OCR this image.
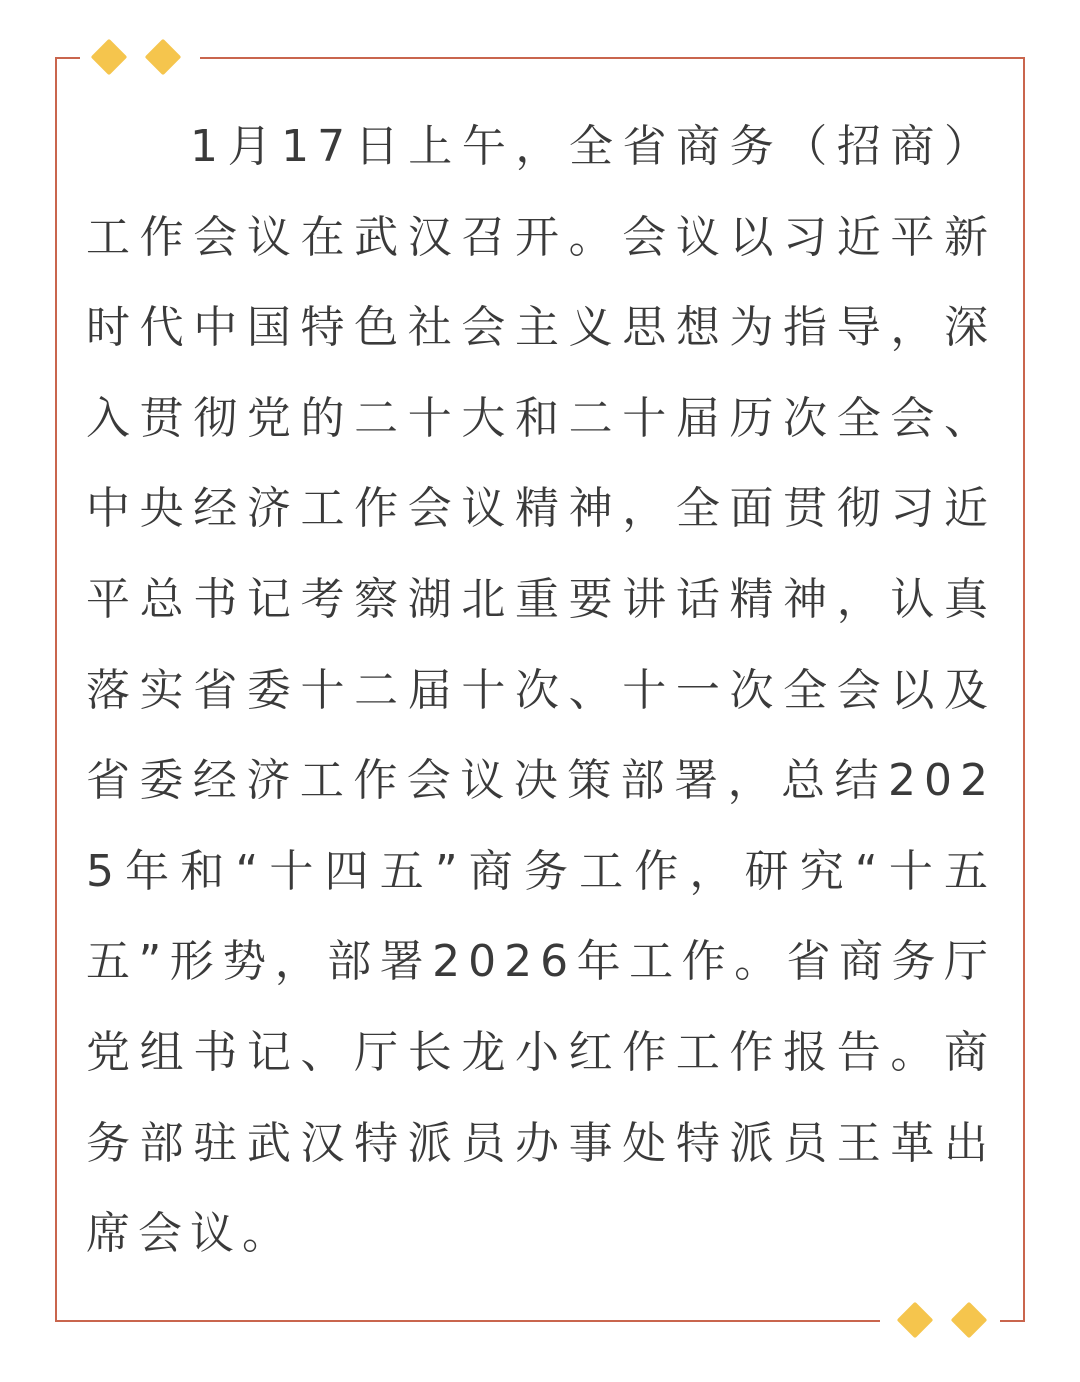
1月17日上午，全省商务（招商）工作会议在武汉召开。会议以习近平新时代中国特色社会主义思想为指导，深入贯彻党的二十大和二十届历次全会、中央经济工作会议精神，全面贯彻习近平总书记考察湖北重要讲话精神，认真落实省委十二届十次、十一次全会以及省委经济工作会议决策部署，总结2025年和“十四五”商务工作，研究“十五五”形势，部署2026年工作。省商务厅党组书记、厅长龙小红作工作报告。商务部驻武汉特派员办事处特派员王革出席会议。
